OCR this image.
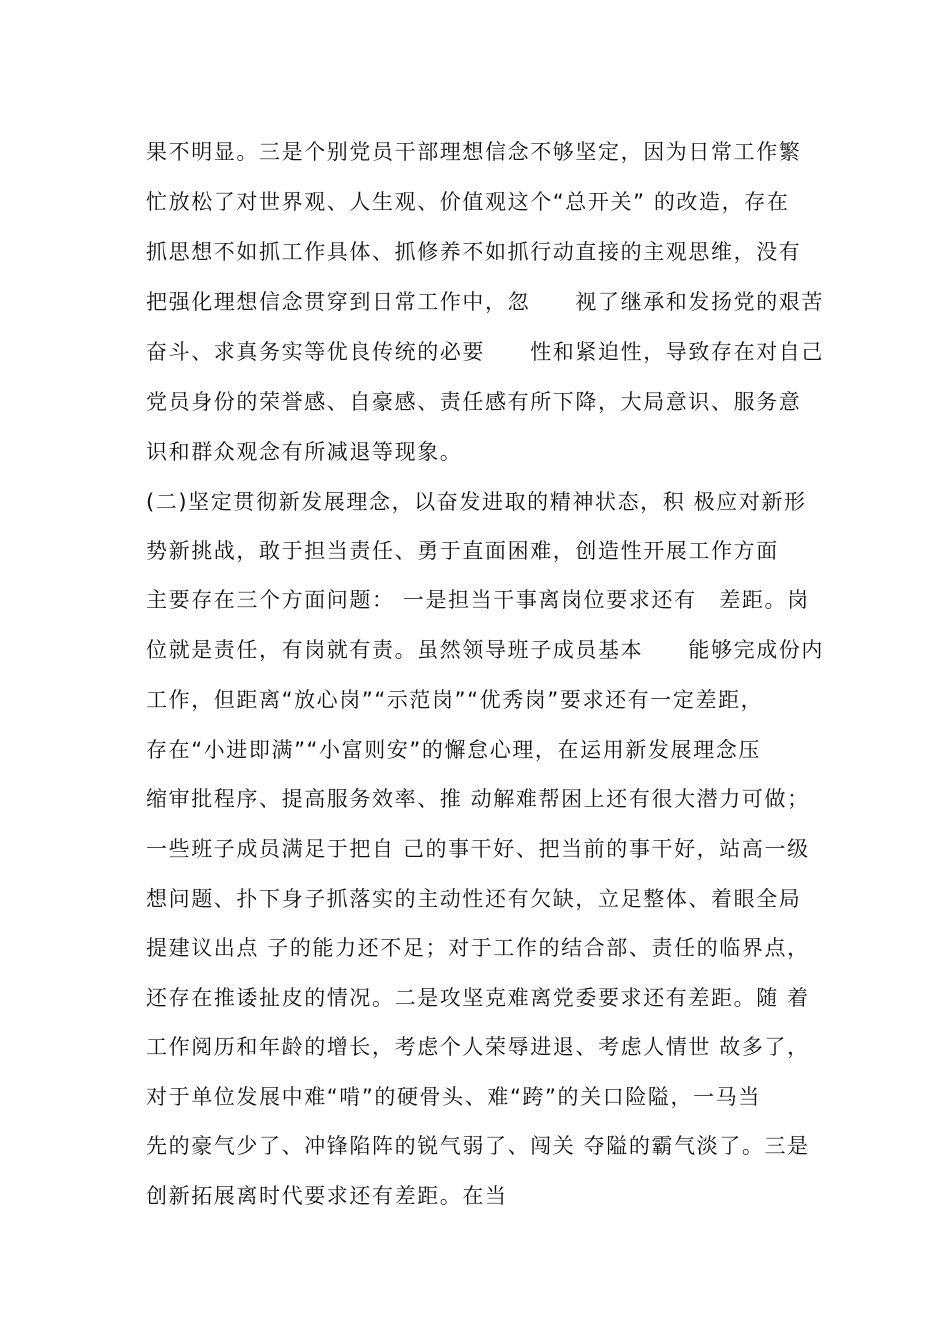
果不明显。三是个别党员干部理想信念不够坚定，因为日常工作繁
忙放松了对世界观、人生观、价值观这个“总开关” 的改造，存在
抓思想不如抓工作具体、抓修养不如抓行动直接的主观思维，没有
把强化理想信念贯穿到日常工作中，忽　　视了继承和发扬党的艰苦
奋斗、求真务实等优良传统的必要　　性和紧迫性，导致存在对自己
党员身份的荣誉感、自豪感、责任感有所下降，大局意识、服务意
识和群众观念有所减退等现象。
(二)坚定贯彻新发展理念，以奋发进取的精神状态，积 极应对新形
势新挑战，敢于担当责任、勇于直面困难，创造性开展工作方面
主要存在三个方面问题： 一是担当干事离岗位要求还有　差距。岗
位就是责任，有岗就有责。虽然领导班子成员基本　　能够完成份内
工作，但距离“放心岗”“示范岗”“优秀岗”要求还有一定差距，
存在“小进即满”“小富则安”的懈怠心理，在运用新发展理念压
缩审批程序、提高服务效率、推 动解难帮困上还有很大潜力可做；
一些班子成员满足于把自 己的事干好、把当前的事干好，站高一级
想问题、扑下身子抓落实的主动性还有欠缺，立足整体、着眼全局
提建议出点 子的能力还不足；对于工作的结合部、责任的临界点，
还存在推诿扯皮的情况。二是攻坚克难离党委要求还有差距。随 着
工作阅历和年龄的增长，考虑个人荣辱进退、考虑人情世 故多了，
对于单位发展中难“啃”的硬骨头、难“跨”的关口险隘，一马当
先的豪气少了、冲锋陷阵的锐气弱了、闯关 夺隘的霸气淡了。三是
创新拓展离时代要求还有差距。在当
